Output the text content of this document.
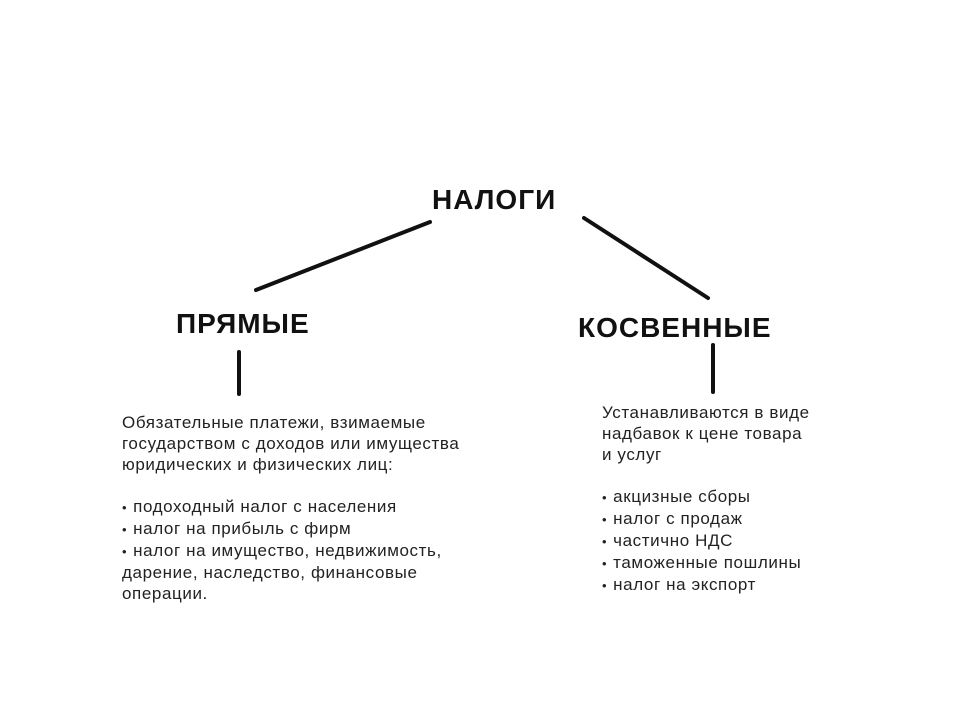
НАЛОГИ
ПРЯМЫЕ	КОСВЕННЫЕ
Обязательные платежи, взимаемые
государством с доходов или имущества
юридических и физических лиц:
• подоходный налог с населения
• налог на прибыль с фирм
• налог на имущество, недвижимость,
дарение, наследство, финансовые
операции.
Устанавливаются в виде
надбавок к цене товара
и услуг
• акцизные сборы
• налог с продаж
• частично НДС
• таможенные пошлины
• налог на экспорт
